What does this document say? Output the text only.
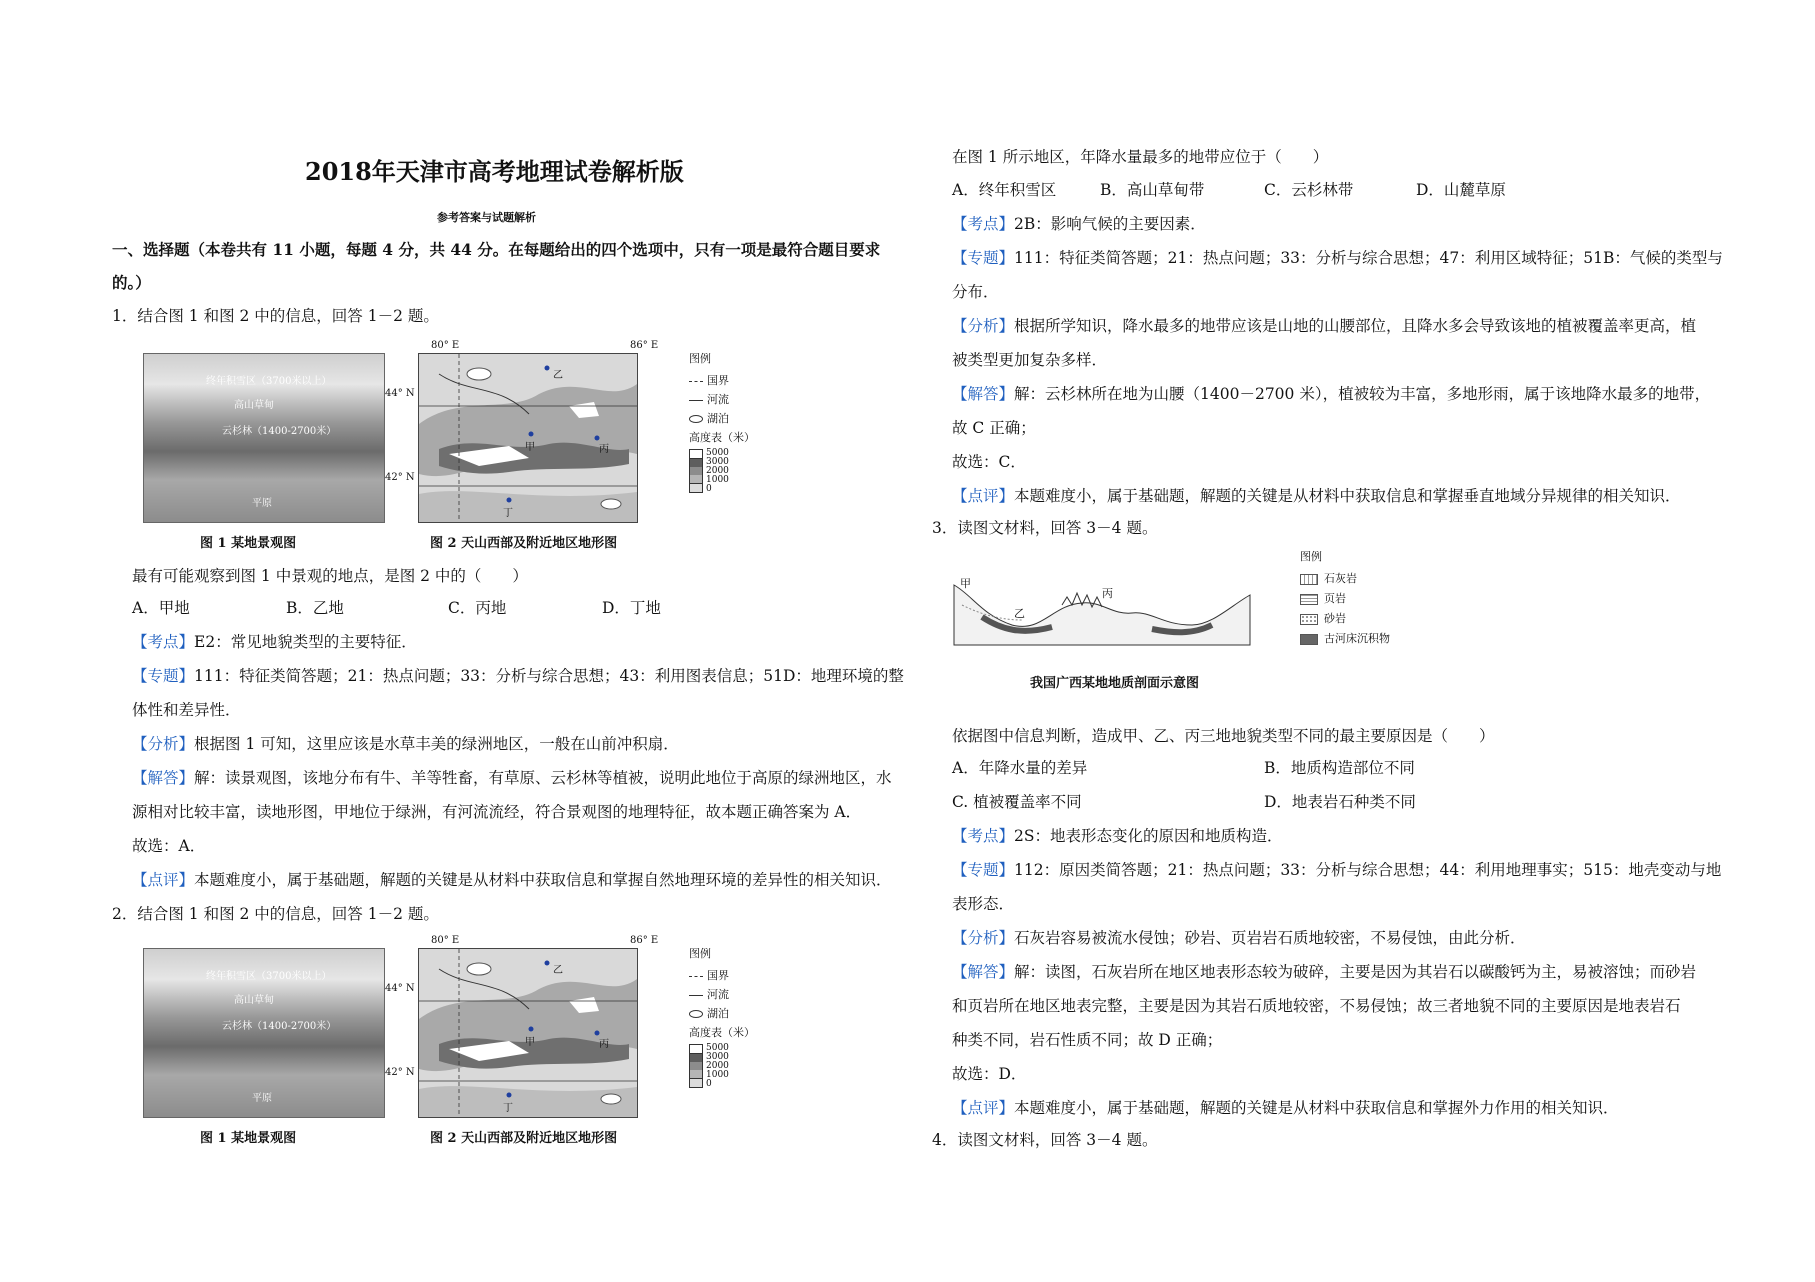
2018年天津市高考地理试卷解析版
参考答案与试题解析
一、选择题（本卷共有 11 小题，每题 4 分，共 44 分。在每题给出的四个选项中，只有一项是最符合题目要求
的。）
1．结合图 1 和图 2 中的信息，回答 1－2 题。
终年积雪区（3700米以上）
高山草甸
云杉林（1400-2700米）
平原
图 1 某地景观图
80° E	86° E
44° N
42° N
乙
甲	丙
丁
图例
国界
河流
湖泊
高度表（米）
5000
3000
2000
1000
0
图 2 天山西部及附近地区地形图
最有可能观察到图 1 中景观的地点，是图 2 中的（　　）
A．甲地	B．乙地	C．丙地	D．丁地
【考点】E2：常见地貌类型的主要特征．
【专题】111：特征类简答题；21：热点问题；33：分析与综合思想；43：利用图表信息；51D：地理环境的整
体性和差异性．
【分析】根据图 1 可知，这里应该是水草丰美的绿洲地区，一般在山前冲积扇．
【解答】解：读景观图，该地分布有牛、羊等牲畜，有草原、云杉林等植被，说明此地位于高原的绿洲地区，水
源相对比较丰富，读地形图，甲地位于绿洲，有河流流经，符合景观图的地理特征，故本题正确答案为 A．
故选：A．
【点评】本题难度小，属于基础题，解题的关键是从材料中获取信息和掌握自然地理环境的差异性的相关知识．
2．结合图 1 和图 2 中的信息，回答 1－2 题。
终年积雪区（3700米以上）
高山草甸
云杉林（1400-2700米）
平原
图 1 某地景观图
80° E	86° E
44° N
42° N
乙
甲	丙
丁
图例
国界
河流
湖泊
高度表（米）
5000
3000
2000
1000
0
图 2 天山西部及附近地区地形图
在图 1 所示地区，年降水量最多的地带应位于（　　）
A．终年积雪区	B．高山草甸带	C．云杉林带	D．山麓草原
【考点】2B：影响气候的主要因素．
【专题】111：特征类简答题；21：热点问题；33：分析与综合思想；47：利用区域特征；51B：气候的类型与
分布．
【分析】根据所学知识，降水最多的地带应该是山地的山腰部位，且降水多会导致该地的植被覆盖率更高，植
被类型更加复杂多样．
【解答】解：云杉林所在地为山腰（1400－2700 米），植被较为丰富，多地形雨，属于该地降水最多的地带，
故 C 正确；
故选：C．
【点评】本题难度小，属于基础题，解题的关键是从材料中获取信息和掌握垂直地域分异规律的相关知识．
3．读图文材料，回答 3－4 题。
甲
乙
丙
图例
石灰岩
页岩
砂岩
古河床沉积物
我国广西某地地质剖面示意图
依据图中信息判断，造成甲、乙、丙三地地貌类型不同的最主要原因是（　　）
A．年降水量的差异	B．地质构造部位不同
C. 植被覆盖率不同	D．地表岩石种类不同
【考点】2S：地表形态变化的原因和地质构造．
【专题】112：原因类简答题；21：热点问题；33：分析与综合思想；44：利用地理事实；515：地壳变动与地
表形态．
【分析】石灰岩容易被流水侵蚀；砂岩、页岩岩石质地较密，不易侵蚀，由此分析．
【解答】解：读图，石灰岩所在地区地表形态较为破碎，主要是因为其岩石以碳酸钙为主，易被溶蚀；而砂岩
和页岩所在地区地表完整，主要是因为其岩石质地较密，不易侵蚀；故三者地貌不同的主要原因是地表岩石
种类不同，岩石性质不同；故 D 正确；
故选：D．
【点评】本题难度小，属于基础题，解题的关键是从材料中获取信息和掌握外力作用的相关知识．
4．读图文材料，回答 3－4 题。
